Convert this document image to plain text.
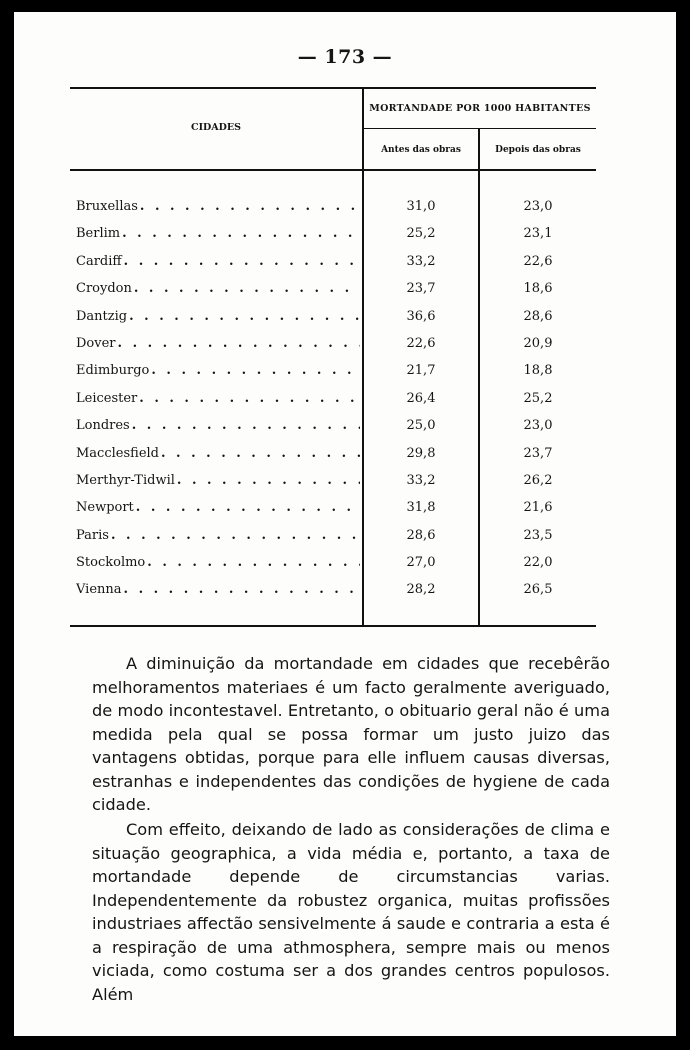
— 173 —
CIDADES
MORTANDADE POR 1000 HABITANTES
Antes das obras	Depois das obras
Bruxellas . . .	31,0	23,0
Berlim . . .	25,2	23,1
Cardiff . . .	33,2	22,6
Croydon . . .	23,7	18,6
Dantzig . . .	36,6	28,6
Dover . . .	22,6	20,9
Edimburgo . . .	21,7	18,8
Leicester . . .	26,4	25,2
Londres . . .	25,0	23,0
Macclesfield . . .	29,8	23,7
Merthyr-Tidwil . . .	33,2	26,2
Newport . . .	31,8	21,6
Paris . . .	28,6	23,5
Stockolmo . . .	27,0	22,0
Vienna . . .	28,2	26,5

A diminuição da mortandade em cidades que recebêrão melhoramentos materiaes é um facto geralmente averiguado, de modo incontestavel. Entretanto, o obituario geral não é uma medida pela qual se possa formar um justo juizo das vantagens obtidas, porque para elle influem causas diversas, estranhas e independentes das condições de hygiene de cada cidade.

Com effeito, deixando de lado as considerações de clima e situação geographica, a vida média e, portanto, a taxa de mortandade depende de circumstancias varias. Independentemente da robustez organica, muitas profissões industriaes affectão sensivelmente á saude e contraria a esta é a respiração de uma athmosphera, sempre mais ou menos viciada, como costuma ser a dos grandes centros populosos. Além
